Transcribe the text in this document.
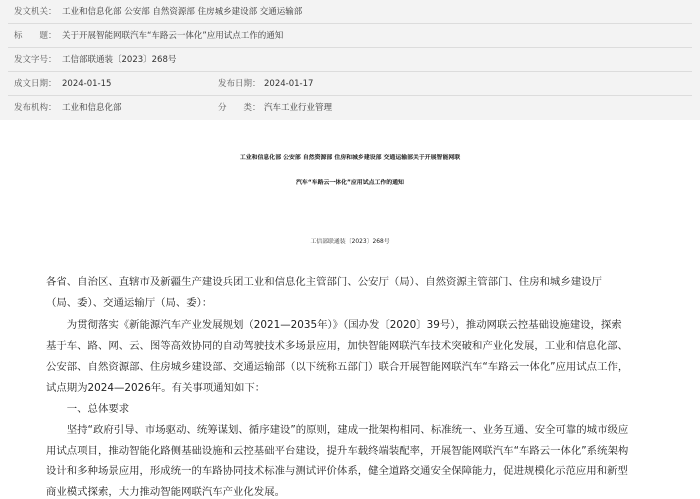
发文机关： 工业和信息化部 公安部 自然资源部 住房城乡建设部 交通运输部
标　　题： 关于开展智能网联汽车“车路云一体化”应用试点工作的通知
发文字号： 工信部联通装〔2023〕268号
成文日期： 2024-01-15	发布日期： 2024-01-17
发布机构： 工业和信息化部	分　　类： 汽车工业行业管理
工业和信息化部 公安部 自然资源部 住房和城乡建设部 交通运输部关于开展智能网联
汽车“车路云一体化”应用试点工作的通知
工信部联通装〔2023〕268号
各省、自治区、直辖市及新疆生产建设兵团工业和信息化主管部门、公安厅（局）、自然资源主管部门、住房和城乡建设厅
（局、委）、交通运输厅（局、委）：
　　为贯彻落实《新能源汽车产业发展规划（2021—2035年）》（国办发〔2020〕39号），推动网联云控基础设施建设，探索
基于车、路、网、云、图等高效协同的自动驾驶技术多场景应用，加快智能网联汽车技术突破和产业化发展，工业和信息化部、
公安部、自然资源部、住房城乡建设部、交通运输部（以下统称五部门）联合开展智能网联汽车“车路云一体化”应用试点工作，
试点期为2024—2026年。有关事项通知如下：
　　一、总体要求
　　坚持“政府引导、市场驱动、统筹谋划、循序建设”的原则，建成一批架构相同、标准统一、业务互通、安全可靠的城市级应
用试点项目，推动智能化路侧基础设施和云控基础平台建设，提升车载终端装配率，开展智能网联汽车“车路云一体化”系统架构
设计和多种场景应用，形成统一的车路协同技术标准与测试评价体系，健全道路交通安全保障能力，促进规模化示范应用和新型
商业模式探索，大力推动智能网联汽车产业化发展。
